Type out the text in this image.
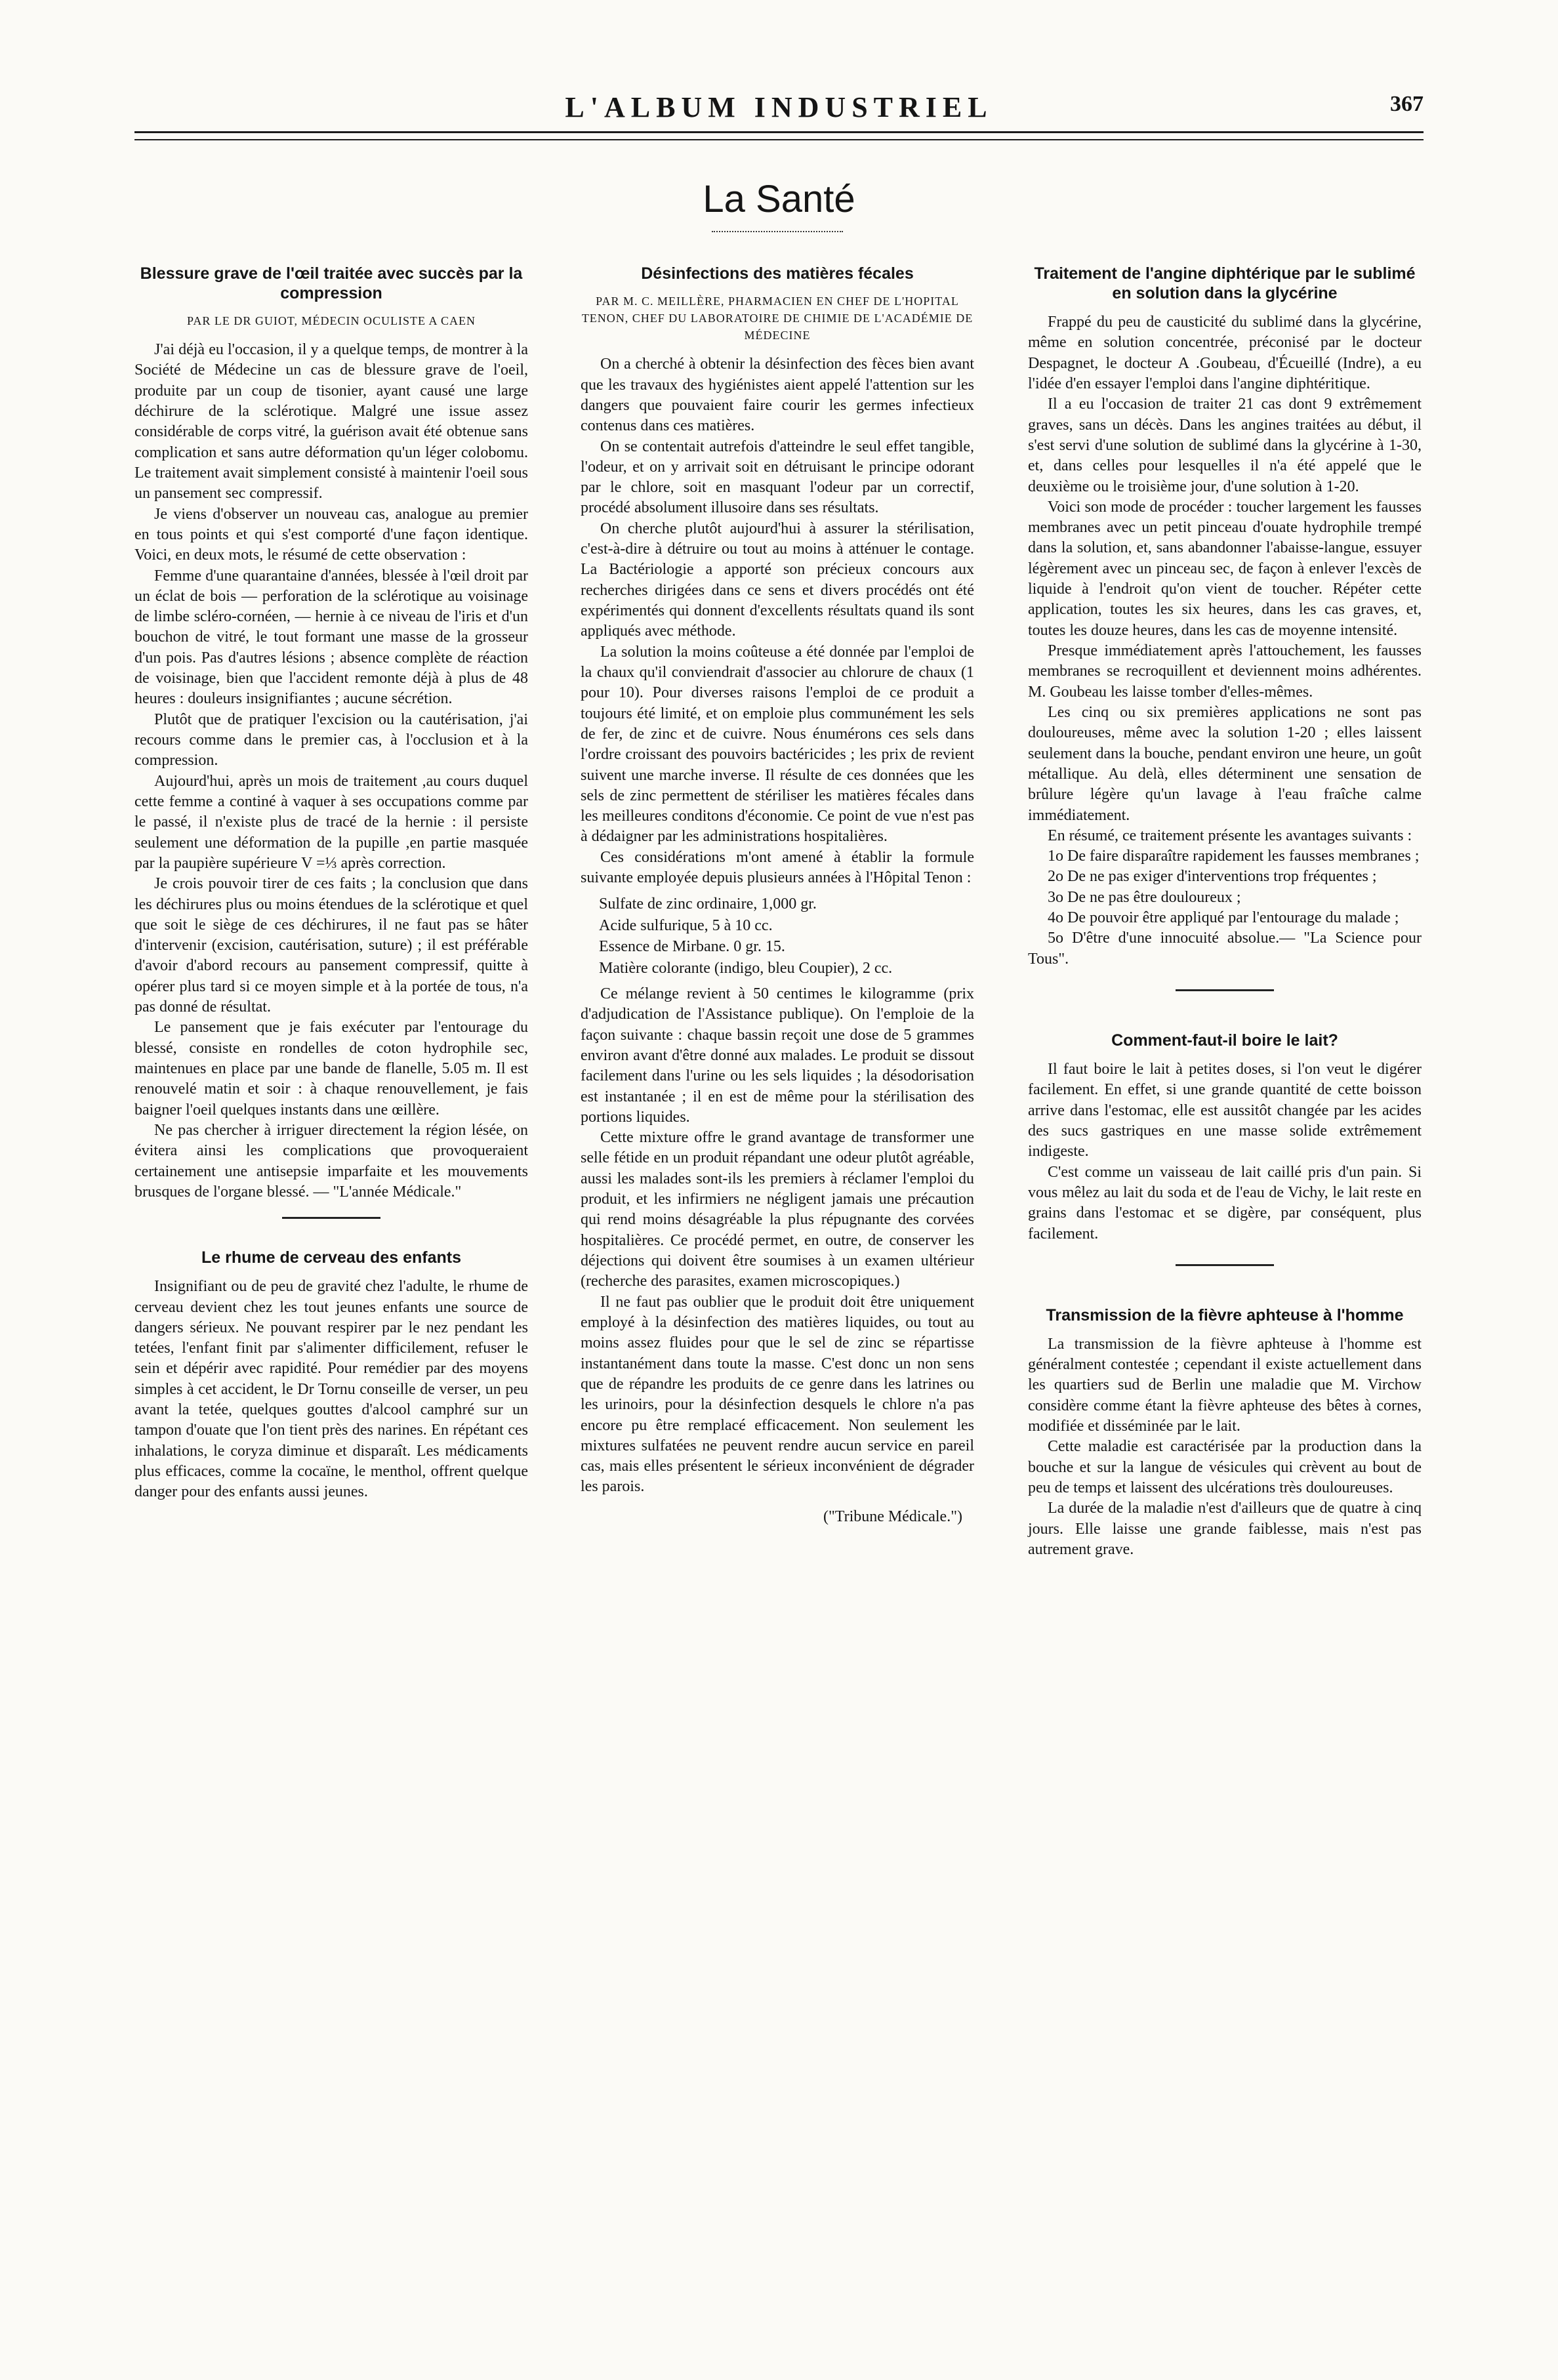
L'ALBUM INDUSTRIEL	367
La Santé
Blessure grave de l'œil traitée avec succès par la compression
PAR LE DR GUIOT, MÉDECIN OCULISTE A CAEN

J'ai déjà eu l'occasion, il y a quelque temps, de montrer à la Société de Médecine un cas de blessure grave de l'oeil, produite par un coup de tisonier, ayant causé une large déchirure de la sclérotique. Malgré une issue assez considérable de corps vitré, la guérison avait été obtenue sans complication et sans autre déformation qu'un léger colobomu. Le traitement avait simplement consisté à maintenir l'oeil sous un pansement sec compressif.

Je viens d'observer un nouveau cas, analogue au premier en tous points et qui s'est comporté d'une façon identique. Voici, en deux mots, le résumé de cette observation :

Femme d'une quarantaine d'années, blessée à l'œil droit par un éclat de bois — perforation de la sclérotique au voisinage de limbe scléro-cornéen, — hernie à ce niveau de l'iris et d'un bouchon de vitré, le tout formant une masse de la grosseur d'un pois. Pas d'autres lésions ; absence complète de réaction de voisinage, bien que l'accident remonte déjà à plus de 48 heures : douleurs insignifiantes ; aucune sécrétion.

Plutôt que de pratiquer l'excision ou la cautérisation, j'ai recours comme dans le premier cas, à l'occlusion et à la compression.

Aujourd'hui, après un mois de traitement ,au cours duquel cette femme a continé à vaquer à ses occupations comme par le passé, il n'existe plus de tracé de la hernie : il persiste seulement une déformation de la pupille ,en partie masquée par la paupière supérieure V =⅓ après correction.

Je crois pouvoir tirer de ces faits ; la conclusion que dans les déchirures plus ou moins étendues de la sclérotique et quel que soit le siège de ces déchirures, il ne faut pas se hâter d'intervenir (excision, cautérisation, suture) ; il est préférable d'avoir d'abord recours au pansement compressif, quitte à opérer plus tard si ce moyen simple et à la portée de tous, n'a pas donné de résultat.

Le pansement que je fais exécuter par l'entourage du blessé, consiste en rondelles de coton hydrophile sec, maintenues en place par une bande de flanelle, 5.05 m. Il est renouvelé matin et soir : à chaque renouvellement, je fais baigner l'oeil quelques instants dans une œillère.

Ne pas chercher à irriguer directement la région lésée, on évitera ainsi les complications que provoqueraient certainement une antisepsie imparfaite et les mouvements brusques de l'organe blessé. — "L'année Médicale."

Le rhume de cerveau des enfants

Insignifiant ou de peu de gravité chez l'adulte, le rhume de cerveau devient chez les tout jeunes enfants une source de dangers sérieux. Ne pouvant respirer par le nez pendant les tetées, l'enfant finit par s'alimenter difficilement, refuser le sein et dépérir avec rapidité. Pour remédier par des moyens simples à cet accident, le Dr Tornu conseille de verser, un peu avant la tetée, quelques gouttes d'alcool camphré sur un tampon d'ouate que l'on tient près des narines. En répétant ces inhalations, le coryza diminue et disparaît. Les médicaments plus efficaces, comme la cocaïne, le menthol, offrent quelque danger pour des enfants aussi jeunes.

Désinfections des matières fécales
PAR M. C. MEILLÈRE, PHARMACIEN EN CHEF DE L'HOPITAL TENON, CHEF DU LABORATOIRE DE CHIMIE DE L'ACADÉMIE DE MÉDECINE

On a cherché à obtenir la désinfection des fèces bien avant que les travaux des hygiénistes aient appelé l'attention sur les dangers que pouvaient faire courir les germes infectieux contenus dans ces matières.

On se contentait autrefois d'atteindre le seul effet tangible, l'odeur, et on y arrivait soit en détruisant le principe odorant par le chlore, soit en masquant l'odeur par un correctif, procédé absolument illusoire dans ses résultats.

On cherche plutôt aujourd'hui à assurer la stérilisation, c'est-à-dire à détruire ou tout au moins à atténuer le contage. La Bactériologie a apporté son précieux concours aux recherches dirigées dans ce sens et divers procédés ont été expérimentés qui donnent d'excellents résultats quand ils sont appliqués avec méthode.

La solution la moins coûteuse a été donnée par l'emploi de la chaux qu'il conviendrait d'associer au chlorure de chaux (1 pour 10). Pour diverses raisons l'emploi de ce produit a toujours été limité, et on emploie plus communément les sels de fer, de zinc et de cuivre. Nous énumérons ces sels dans l'ordre croissant des pouvoirs bactéricides ; les prix de revient suivent une marche inverse. Il résulte de ces données que les sels de zinc permettent de stériliser les matières fécales dans les meilleures conditons d'économie. Ce point de vue n'est pas à dédaigner par les administrations hospitalières.

Ces considérations m'ont amené à établir la formule suivante employée depuis plusieurs années à l'Hôpital Tenon :

Sulfate de zinc ordinaire, 1,000 gr.
Acide sulfurique, 5 à 10 cc.
Essence de Mirbane. 0 gr. 15.
Matière colorante (indigo, bleu Coupier), 2 cc.

Ce mélange revient à 50 centimes le kilogramme (prix d'adjudication de l'Assistance publique). On l'emploie de la façon suivante : chaque bassin reçoit une dose de 5 grammes environ avant d'être donné aux malades. Le produit se dissout facilement dans l'urine ou les sels liquides ; la désodorisation est instantanée ; il en est de même pour la stérilisation des portions liquides.

Cette mixture offre le grand avantage de transformer une selle fétide en un produit répandant une odeur plutôt agréable, aussi les malades sont-ils les premiers à réclamer l'emploi du produit, et les infirmiers ne négligent jamais une précaution qui rend moins désagréable la plus répugnante des corvées hospitalières. Ce procédé permet, en outre, de conserver les déjections qui doivent être soumises à un examen ultérieur (recherche des parasites, examen microscopiques.)

Il ne faut pas oublier que le produit doit être uniquement employé à la désinfection des matières liquides, ou tout au moins assez fluides pour que le sel de zinc se répartisse instantanément dans toute la masse. C'est donc un non sens que de répandre les produits de ce genre dans les latrines ou les urinoirs, pour la désinfection desquels le chlore n'a pas encore pu être remplacé efficacement. Non seulement les mixtures sulfatées ne peuvent rendre aucun service en pareil cas, mais elles présentent le sérieux inconvénient de dégrader les parois.

("Tribune Médicale.")
Traitement de l'angine diphtérique par le sublimé en solution dans la glycérine

Frappé du peu de causticité du sublimé dans la glycérine, même en solution concentrée, préconisé par le docteur Despagnet, le docteur A .Goubeau, d'Écueillé (Indre), a eu l'idée d'en essayer l'emploi dans l'angine diphtéritique.

Il a eu l'occasion de traiter 21 cas dont 9 extrêmement graves, sans un décès. Dans les angines traitées au début, il s'est servi d'une solution de sublimé dans la glycérine à 1-30, et, dans celles pour lesquelles il n'a été appelé que le deuxième ou le troisième jour, d'une solution à 1-20.

Voici son mode de procéder : toucher largement les fausses membranes avec un petit pinceau d'ouate hydrophile trempé dans la solution, et, sans abandonner l'abaisse-langue, essuyer légèrement avec un pinceau sec, de façon à enlever l'excès de liquide à l'endroit qu'on vient de toucher. Répéter cette application, toutes les six heures, dans les cas graves, et, toutes les douze heures, dans les cas de moyenne intensité.

Presque immédiatement après l'attouchement, les fausses membranes se recroquillent et deviennent moins adhérentes. M. Goubeau les laisse tomber d'elles-mêmes.

Les cinq ou six premières applications ne sont pas douloureuses, même avec la solution 1-20 ; elles laissent seulement dans la bouche, pendant environ une heure, un goût métallique. Au delà, elles déterminent une sensation de brûlure légère qu'un lavage à l'eau fraîche calme immédiatement.

En résumé, ce traitement présente les avantages suivants :

1o De faire disparaître rapidement les fausses membranes ;

2o De ne pas exiger d'interventions trop fréquentes ;

3o De ne pas être douloureux ;

4o De pouvoir être appliqué par l'entourage du malade ;

5o D'être d'une innocuité absolue.— "La Science pour Tous".

Comment-faut-il boire le lait?

Il faut boire le lait à petites doses, si l'on veut le digérer facilement. En effet, si une grande quantité de cette boisson arrive dans l'estomac, elle est aussitôt changée par les acides des sucs gastriques en une masse solide extrêmement indigeste.

C'est comme un vaisseau de lait caillé pris d'un pain. Si vous mêlez au lait du soda et de l'eau de Vichy, le lait reste en grains dans l'estomac et se digère, par conséquent, plus facilement.

Transmission de la fièvre aphteuse à l'homme

La transmission de la fièvre aphteuse à l'homme est généralment contestée ; cependant il existe actuellement dans les quartiers sud de Berlin une maladie que M. Virchow considère comme étant la fièvre aphteuse des bêtes à cornes, modifiée et disséminée par le lait.

Cette maladie est caractérisée par la production dans la bouche et sur la langue de vésicules qui crèvent au bout de peu de temps et laissent des ulcérations très douloureuses.

La durée de la maladie n'est d'ailleurs que de quatre à cinq jours. Elle laisse une grande faiblesse, mais n'est pas autrement grave.
